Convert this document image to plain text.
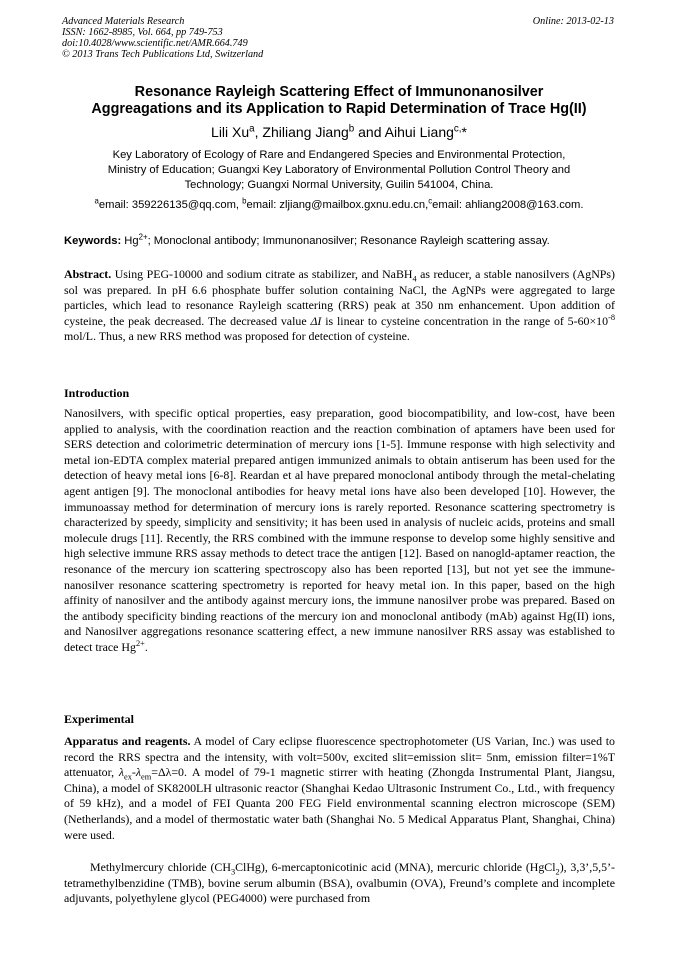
Advanced Materials Research
ISSN: 1662-8985, Vol. 664, pp 749-753
doi:10.4028/www.scientific.net/AMR.664.749
© 2013 Trans Tech Publications Ltd, Switzerland
Online: 2013-02-13
Resonance Rayleigh Scattering Effect of Immunonanosilver
Aggreagations and its Application to Rapid Determination of Trace Hg(II)
Lili Xu$^a$, Zhiliang Jiang$^b$ and Aihui Liang$^{c,}$*
Key Laboratory of Ecology of Rare and Endangered Species and Environmental Protection,
Ministry of Education; Guangxi Key Laboratory of Environmental Pollution Control Theory and
Technology; Guangxi Normal University, Guilin 541004, China.
$^a$email: 359226135@qq.com, $^b$email: zljiang@mailbox.gxnu.edu.cn,$^c$email: ahliang2008@163.com.
Keywords: $Hg^{2+}$; Monoclonal antibody; Immunonanosilver; Resonance Rayleigh scattering assay.
Abstract. Using PEG-10000 and sodium citrate as stabilizer, and NaBH$_4$ as reducer, a stable nanosilvers (AgNPs) sol was prepared. In pH 6.6 phosphate buffer solution containing NaCl, the AgNPs were aggregated to large particles, which lead to resonance Rayleigh scattering (RRS) peak at 350 nm enhancement. Upon addition of cysteine, the peak decreased. The decreased value ΔI is linear to cysteine concentration in the range of $5-60\times 10^{-8}$ mol/L. Thus, a new RRS method was proposed for detection of cysteine.
Introduction
Nanosilvers, with specific optical properties, easy preparation, good biocompatibility, and low-cost, have been applied to analysis, with the coordination reaction and the reaction combination of aptamers have been used for SERS detection and colorimetric determination of mercury ions [1-5]. Immune response with high selectivity and metal ion-EDTA complex material prepared antigen immunized animals to obtain antiserum has been used for the detection of heavy metal ions [6-8]. Reardan et al have prepared monoclonal antibody through the metal-chelating agent antigen [9]. The monoclonal antibodies for heavy metal ions have also been developed [10]. However, the immunoassay method for determination of mercury ions is rarely reported. Resonance scattering spectrometry is characterized by speedy, simplicity and sensitivity; it has been used in analysis of nucleic acids, proteins and small molecule drugs [11]. Recently, the RRS combined with the immune response to develop some highly sensitive and high selective immune RRS assay methods to detect trace the antigen [12]. Based on nanogld-aptamer reaction, the resonance of the mercury ion scattering spectroscopy also has been reported [13], but not yet see the immune-nanosilver resonance scattering spectrometry is reported for heavy metal ion. In this paper, based on the high affinity of nanosilver and the antibody against mercury ions, the immune nanosilver probe was prepared. Based on the antibody specificity binding reactions of the mercury ion and monoclonal antibody (mAb) against Hg(II) ions, and Nanosilver aggregations resonance scattering effect, a new immune nanosilver RRS assay was established to detect trace $Hg^{2+}$.
Experimental
Apparatus and reagents. A model of Cary eclipse fluorescence spectrophotometer (US Varian, Inc.) was used to record the RRS spectra and the intensity, with volt=500v, excited slit=emission slit= 5nm, emission filter=1%T attenuator, $\lambda_{ex}-\lambda_{em}=\Delta\lambda=0$. A model of 79-1 magnetic stirrer with heating (Zhongda Instrumental Plant, Jiangsu, China), a model of SK8200LH ultrasonic reactor (Shanghai Kedao Ultrasonic Instrument Co., Ltd., with frequency of 59 kHz), and a model of FEI Quanta 200 FEG Field environmental scanning electron microscope (SEM) (Netherlands), and a model of thermostatic water bath (Shanghai No. 5 Medical Apparatus Plant, Shanghai, China) were used.
Methylmercury chloride $(CH_3ClHg)$, 6-mercaptonicotinic acid (MNA), mercuric chloride (HgCl$_2$), 3,3’,5,5’-tetramethylbenzidine (TMB), bovine serum albumin (BSA), ovalbumin (OVA), Freund’s complete and incomplete adjuvants, polyethylene glycol (PEG4000) were purchased from
